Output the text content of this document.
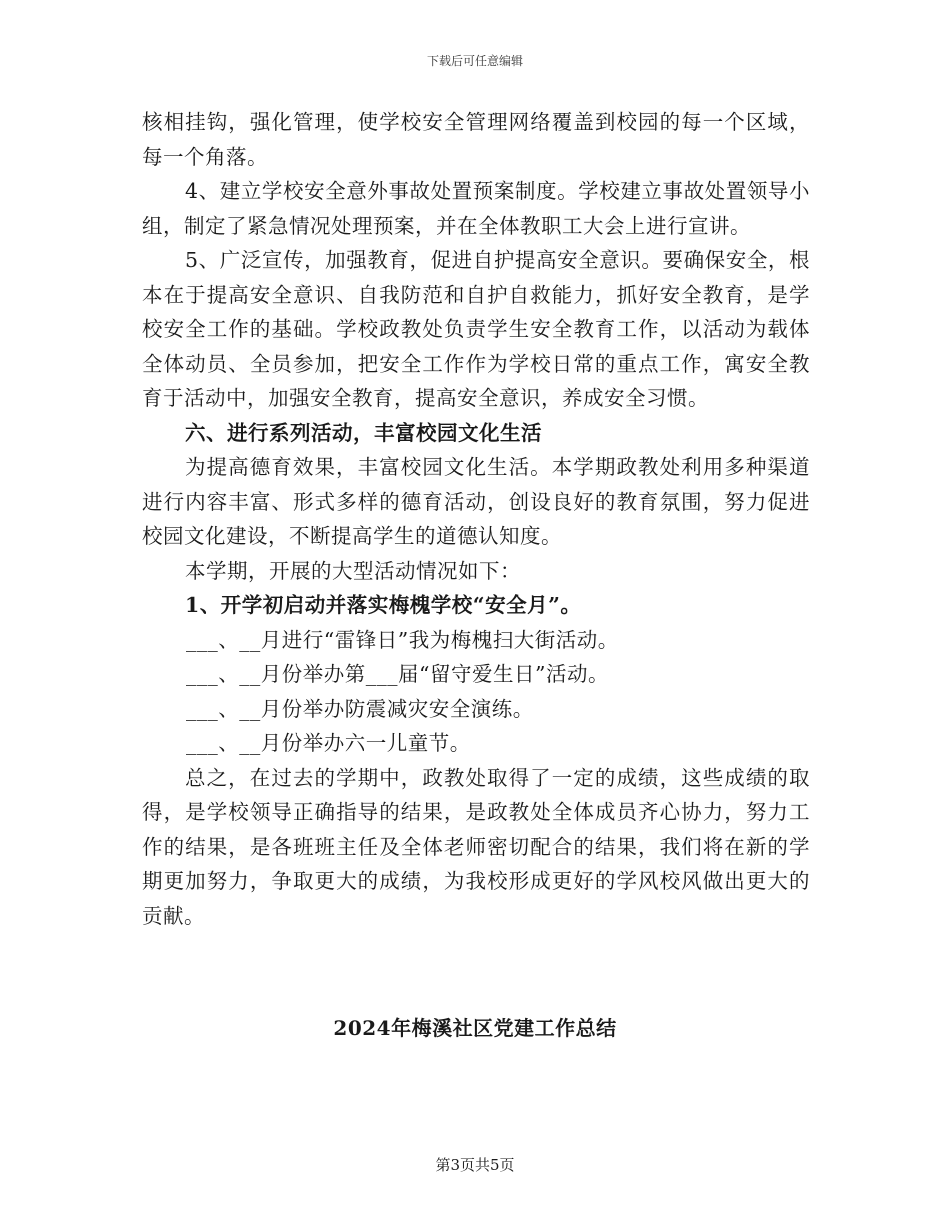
下载后可任意编辑

核相挂钩，强化管理，使学校安全管理网络覆盖到校园的每一个区域，每一个角落。

4、建立学校安全意外事故处置预案制度。学校建立事故处置领导小组，制定了紧急情况处理预案，并在全体教职工大会上进行宣讲。

5、广泛宣传，加强教育，促进自护提高安全意识。要确保安全，根本在于提高安全意识、自我防范和自护自救能力，抓好安全教育，是学校安全工作的基础。学校政教处负责学生安全教育工作，以活动为载体全体动员、全员参加，把安全工作作为学校日常的重点工作，寓安全教育于活动中，加强安全教育，提高安全意识，养成安全习惯。

六、进行系列活动，丰富校园文化生活

为提高德育效果，丰富校园文化生活。本学期政教处利用多种渠道进行内容丰富、形式多样的德育活动，创设良好的教育氛围，努力促进校园文化建设，不断提高学生的道德认知度。

本学期，开展的大型活动情况如下：

1、开学初启动并落实梅槐学校“安全月”。

___、__月进行“雷锋日”我为梅槐扫大街活动。

___、__月份举办第___届“留守爱生日”活动。

___、__月份举办防震减灾安全演练。

___、__月份举办六一儿童节。

总之，在过去的学期中，政教处取得了一定的成绩，这些成绩的取得，是学校领导正确指导的结果，是政教处全体成员齐心协力，努力工作的结果，是各班班主任及全体老师密切配合的结果，我们将在新的学期更加努力，争取更大的成绩，为我校形成更好的学风校风做出更大的贡献。

2024年梅溪社区党建工作总结
第3页共5页
